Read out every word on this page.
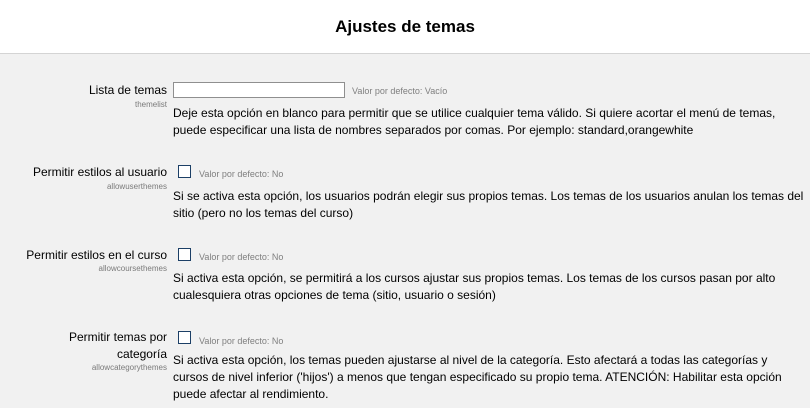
Ajustes de temas
Lista de temas
themelist
Valor por defecto: Vacío
Deje esta opción en blanco para permitir que se utilice cualquier tema válido. Si quiere acortar el menú de temas, puede especificar una lista de nombres separados por comas. Por ejemplo: standard,orangewhite
Permitir estilos al usuario
allowuserthemes
Valor por defecto: No
Si se activa esta opción, los usuarios podrán elegir sus propios temas. Los temas de los usuarios anulan los temas del sitio (pero no los temas del curso)
Permitir estilos en el curso
allowcoursethemes
Valor por defecto: No
Si activa esta opción, se permitirá a los cursos ajustar sus propios temas. Los temas de los cursos pasan por alto cualesquiera otras opciones de tema (sitio, usuario o sesión)
Permitir temas por
categoría
allowcategorythemes
Valor por defecto: No
Si activa esta opción, los temas pueden ajustarse al nivel de la categoría. Esto afectará a todas las categorías y cursos de nivel inferior ('hijos') a menos que tengan especificado su propio tema. ATENCIÓN: Habilitar esta opción puede afectar al rendimiento.
